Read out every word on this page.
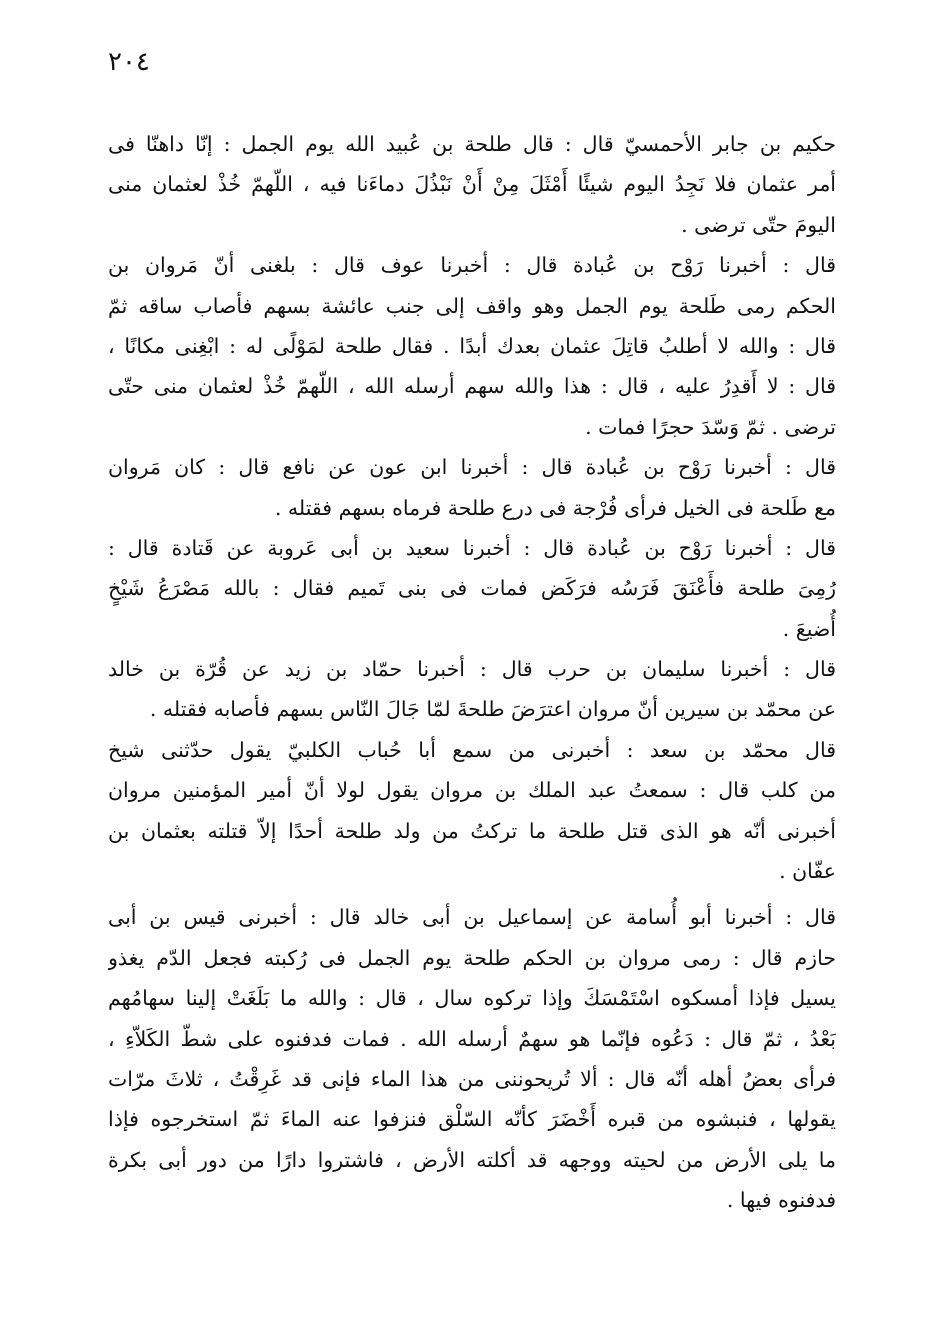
٢٠٤
حكيم بن جابر الأحمسيّ قال : قال طلحة بن عُبيد الله يوم الجمل : إنّا داهنّا فى
أمر عثمان فلا نَجِدُ اليوم شيئًا أَمْثَلَ مِنْ أَنْ نَبْذُلَ دماءَنا فيه ، اللّهمّ خُذْ لعثمان منى
اليومَ حتّى ترضى .
قال : أخبرنا رَوْح بن عُبادة قال : أخبرنا عوف قال : بلغنى أنّ مَروان بن
الحكم رمى طَلحة يوم الجمل وهو واقف إلى جنب عائشة بسهم فأصاب ساقه ثمّ
قال : والله لا أطلبُ قاتِلَ عثمان بعدك أبدًا . فقال طلحة لمَوْلًى له : ابْغِنى مكانًا ،
قال : لا أَقدِرُ عليه ، قال : هذا والله سهم أرسله الله ، اللّهمّ خُذْ لعثمان منى حتّى
ترضى . ثمّ وَسّدَ حجرًا فمات .
قال : أخبرنا رَوْح بن عُبادة قال : أخبرنا ابن عون عن نافع قال : كان مَروان
مع طَلحة فى الخيل فرأى فُرْجة فى درع طلحة فرماه بسهم فقتله .
قال : أخبرنا رَوْح بن عُبادة قال : أخبرنا سعيد بن أبى عَروبة عن قَتادة قال :
رُمِىَ طلحة فأَعْنَقَ فَرَسُه فرَكَض فمات فى بنى تَميم فقال : بالله مَصْرَعُ شَيْخٍ
أُضيعَ .
قال : أخبرنا سليمان بن حرب قال : أخبرنا حمّاد بن زيد عن قُرّة بن خالد
عن محمّد بن سيرين أنّ مروان اعترَضَ طلحةَ لمّا جَالَ النّاس بسهم فأصابه فقتله .
قال محمّد بن سعد : أخبرنى من سمع أبا حُباب الكلبيّ يقول حدّثنى شيخ
من كلب قال : سمعتُ عبد الملك بن مروان يقول لولا أنّ أمير المؤمنين مروان
أخبرنى أنّه هو الذى قتل طلحة ما تركتُ من ولد طلحة أحدًا إلاّ قتلته بعثمان بن
عفّان .
قال : أخبرنا أبو أُسامة عن إسماعيل بن أبى خالد قال : أخبرنى قيس بن أبى
حازم قال : رمى مروان بن الحكم طلحة يوم الجمل فى رُكبته فجعل الدّم يغذو
يسيل فإذا أمسكوه اسْتَمْسَكَ وإذا تركوه سال ، قال : والله ما بَلَغَتْ إلينا سهامُهم
بَعْدُ ، ثمّ قال : دَعُوه فإنّما هو سهمٌ أرسله الله . فمات فدفنوه على شطّ الكَلاّءِ ،
فرأى بعضُ أهله أنّه قال : ألا تُريحوننى من هذا الماء فإنى قد غَرِقْتُ ، ثلاثَ مرّات
يقولها ، فنبشوه من قبره أَخْضَرَ كأنّه السّلْق فنزفوا عنه الماءَ ثمّ استخرجوه فإذا
ما يلى الأرض من لحيته ووجهه قد أكلته الأرض ، فاشتروا دارًا من دور أبى بكرة
فدفنوه فيها .
